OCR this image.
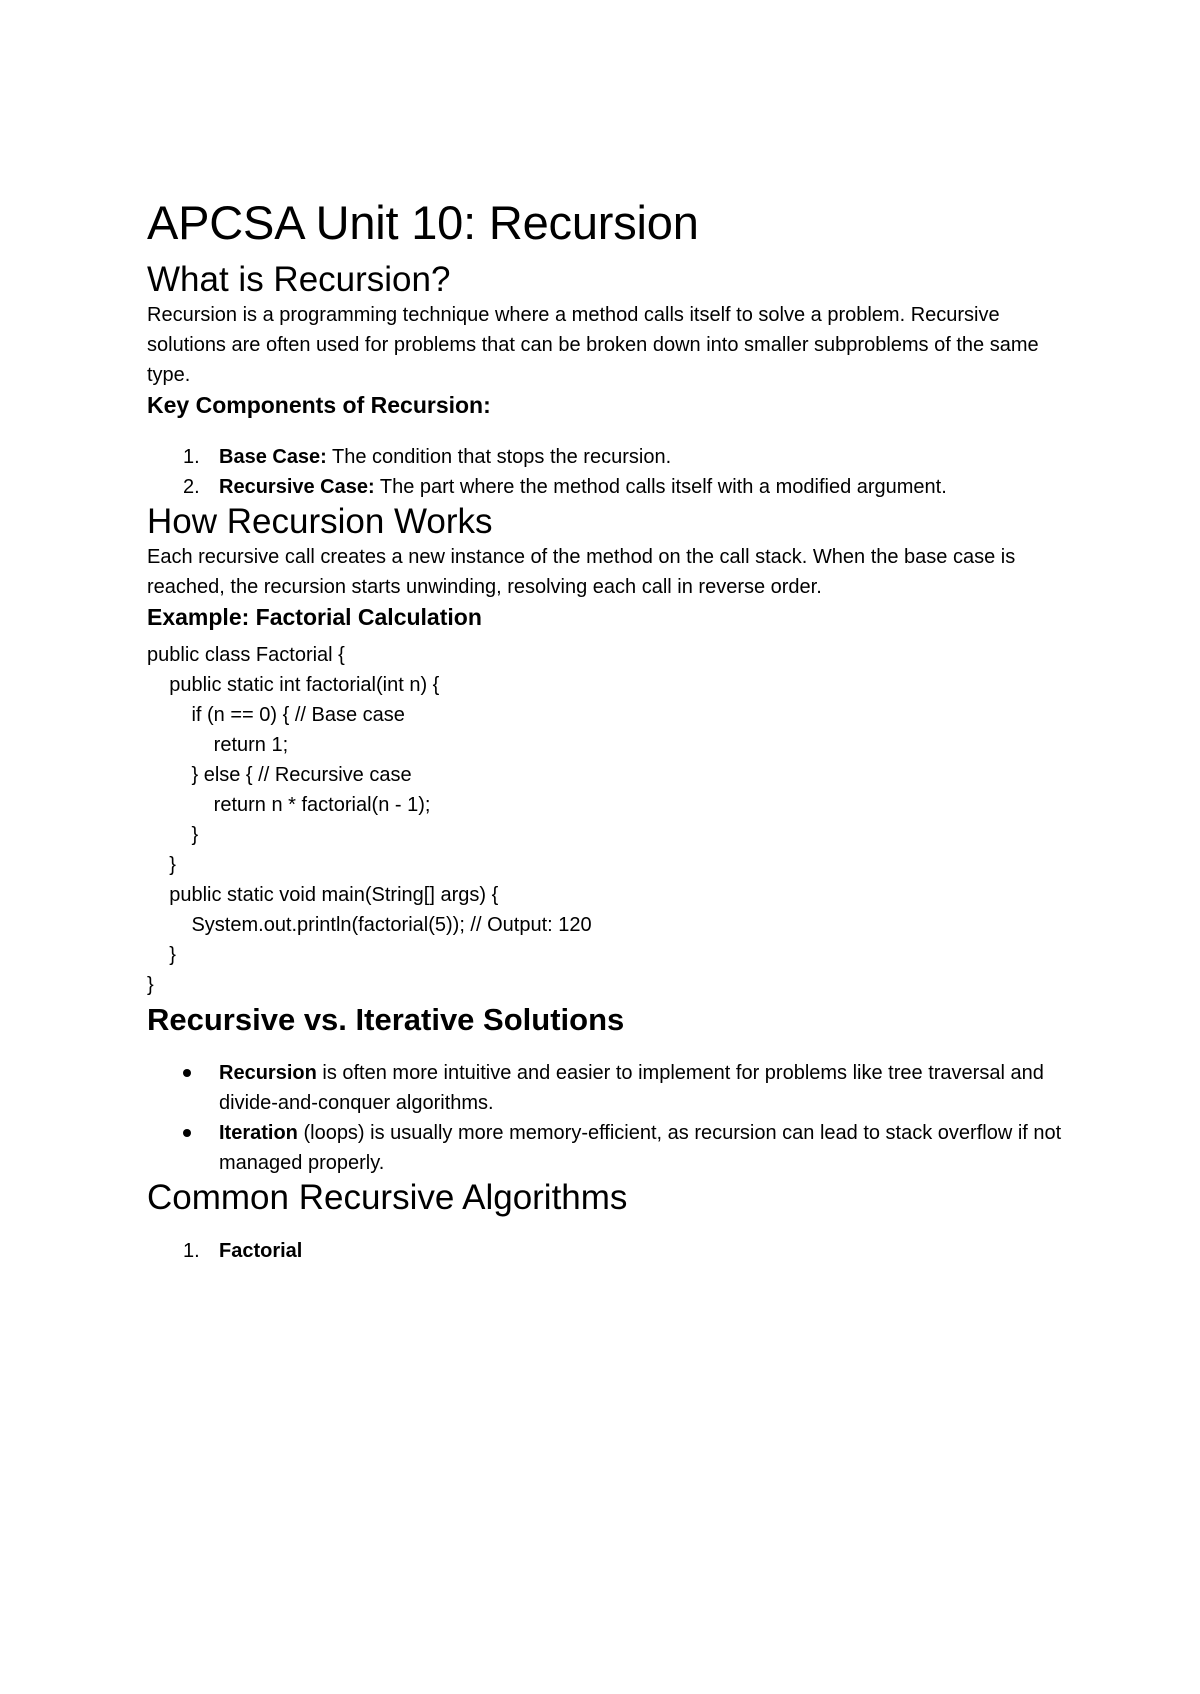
APCSA Unit 10: Recursion
What is Recursion?

Recursion is a programming technique where a method calls itself to solve a problem. Recursive solutions are often used for problems that can be broken down into smaller subproblems of the same type.

Key Components of Recursion:
1. Base Case: The condition that stops the recursion.
2. Recursive Case: The part where the method calls itself with a modified argument.
How Recursion Works

Each recursive call creates a new instance of the method on the call stack. When the base case is reached, the recursion starts unwinding, resolving each call in reverse order.

Example: Factorial Calculation
public class Factorial {
public static int factorial(int n) {
if (n == 0) { // Base case
return 1;
} else { // Recursive case
return n * factorial(n - 1);
}
}
public static void main(String[] args) {
System.out.println(factorial(5)); // Output: 120
}
}
Recursive vs. Iterative Solutions
Recursion is often more intuitive and easier to implement for problems like tree traversal and divide-and-conquer algorithms.
Iteration (loops) is usually more memory-efficient, as recursion can lead to stack overflow if not managed properly.
Common Recursive Algorithms
1. Factorial
